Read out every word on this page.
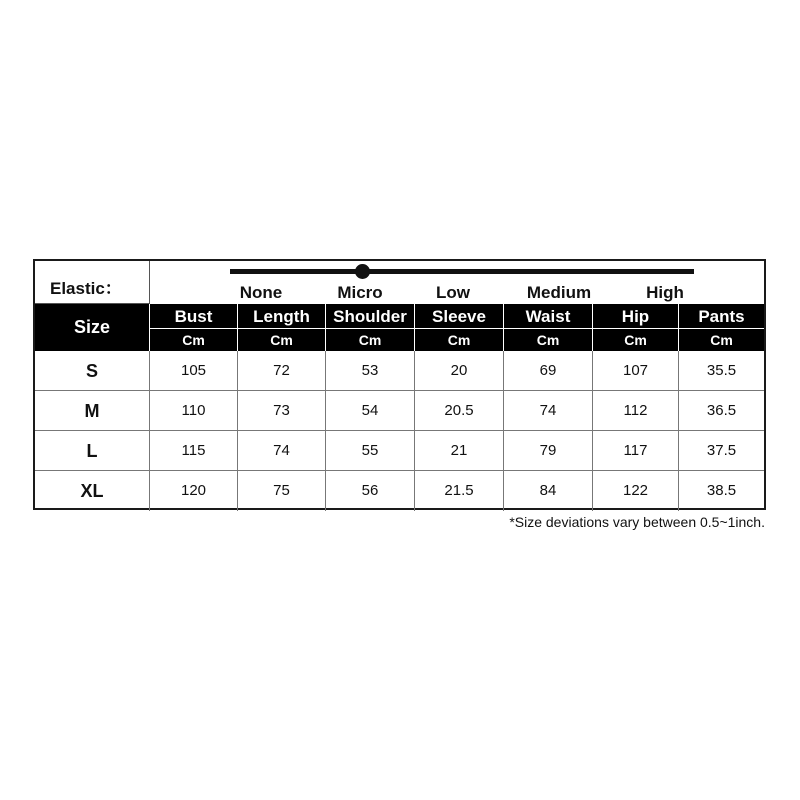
Elastic：	None	Micro	Low	Medium	High
Size
Bust	Length	Shoulder	Sleeve	Waist	Hip	Pants
Cm	Cm	Cm	Cm	Cm	Cm	Cm
S	105	72	53	20	69	107	35.5
M	110	73	54	20.5	74	112	36.5
L	115	74	55	21	79	117	37.5
XL	120	75	56	21.5	84	122	38.5
*Size deviations vary between 0.5~1inch.
